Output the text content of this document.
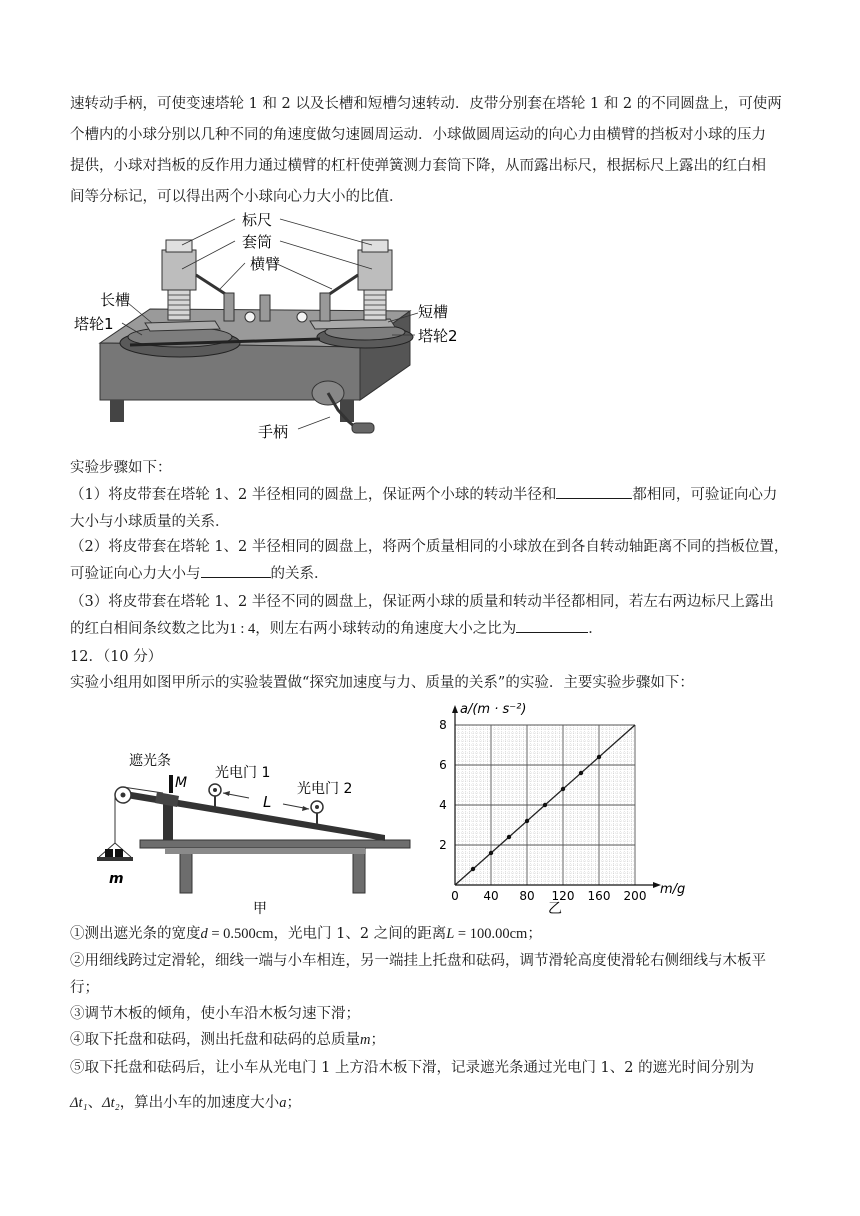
速转动手柄，可使变速塔轮 1 和 2 以及长槽和短槽匀速转动．皮带分别套在塔轮 1 和 2 的不同圆盘上，可使两
个槽内的小球分别以几种不同的角速度做匀速圆周运动．小球做圆周运动的向心力由横臂的挡板对小球的压力
提供，小球对挡板的反作用力通过横臂的杠杆使弹簧测力套筒下降，从而露出标尺，根据标尺上露出的红白相
间等分标记，可以得出两个小球向心力大小的比值．
标尺
套筒
横臂
长槽
塔轮1
短槽
塔轮2
手柄
实验步骤如下：
（1）将皮带套在塔轮 1、2 半径相同的圆盘上，保证两个小球的转动半径和	都相同，可验证向心力
大小与小球质量的关系．
（2）将皮带套在塔轮 1、2 半径相同的圆盘上，将两个质量相同的小球放在到各自转动轴距离不同的挡板位置，
可验证向心力大小与	的关系．
（3）将皮带套在塔轮 1、2 半径不同的圆盘上，保证两小球的质量和转动半径都相同，若左右两边标尺上露出
的红白相间条纹数之比为1 : 4，则左右两小球转动的角速度大小之比为	．
12．（10 分）
实验小组用如图甲所示的实验装置做“探究加速度与力、质量的关系”的实验．主要实验步骤如下：
遮光条
M
光电门 1
光电门 2
L
m
甲
0 40 80 120 160 200
2
4
6
8
a/(m · s⁻²)
m/g
乙
①测出遮光条的宽度d = 0.500cm，光电门 1、2 之间的距离L = 100.00cm；
②用细线跨过定滑轮，细线一端与小车相连，另一端挂上托盘和砝码，调节滑轮高度使滑轮右侧细线与木板平
行；
③调节木板的倾角，使小车沿木板匀速下滑；
④取下托盘和砝码，测出托盘和砝码的总质量m；
⑤取下托盘和砝码后，让小车从光电门 1 上方沿木板下滑，记录遮光条通过光电门 1、2 的遮光时间分别为
Δt₁、Δt₂，算出小车的加速度大小a；
